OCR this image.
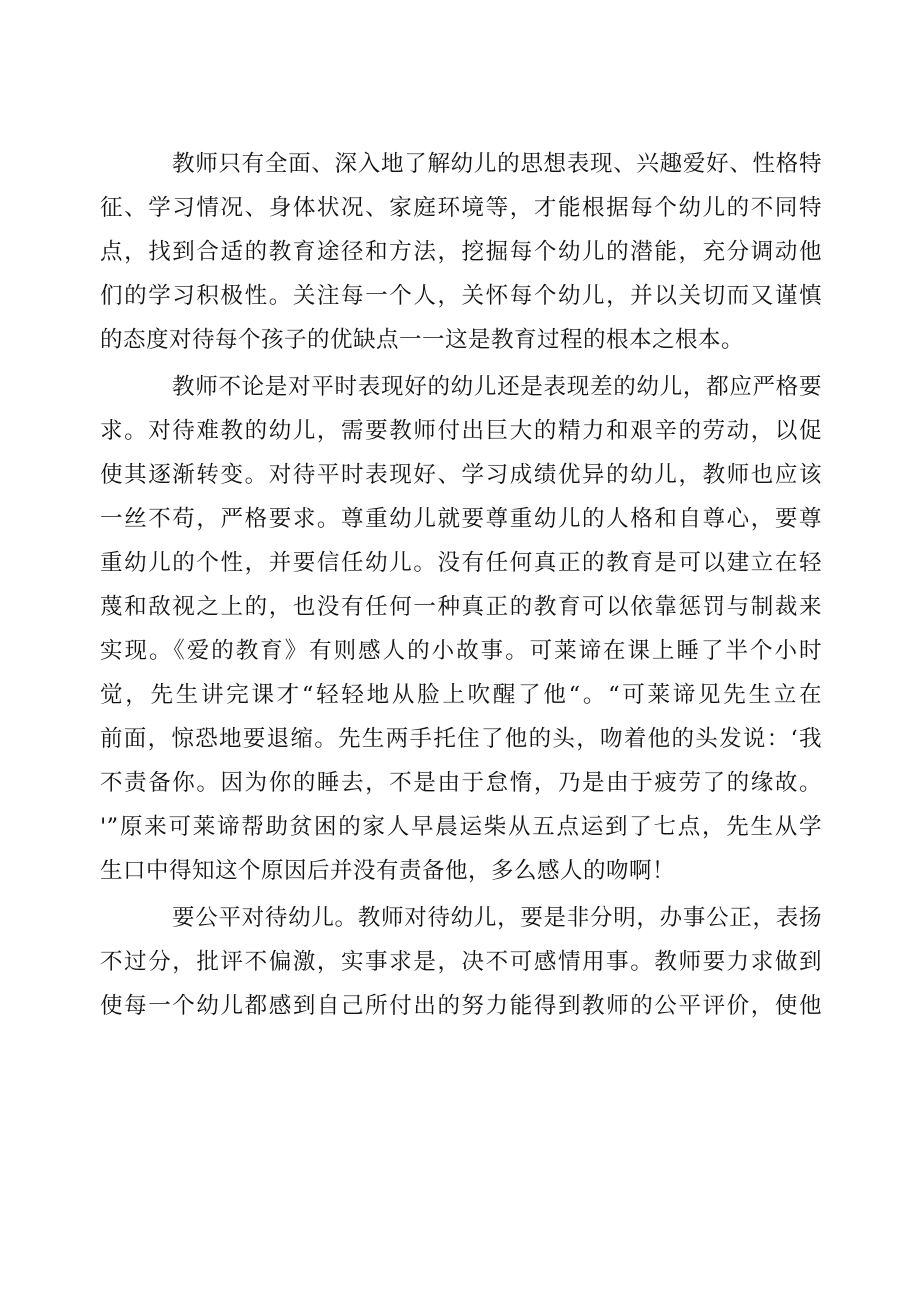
教师只有全面、深入地了解幼儿的思想表现、兴趣爱好、性格特
征、学习情况、身体状况、家庭环境等，才能根据每个幼儿的不同特
点，找到合适的教育途径和方法，挖掘每个幼儿的潜能，充分调动他
们的学习积极性。关注每一个人，关怀每个幼儿，并以关切而又谨慎
的态度对待每个孩子的优缺点一一这是教育过程的根本之根本。
教师不论是对平时表现好的幼儿还是表现差的幼儿，都应严格要
求。对待难教的幼儿，需要教师付出巨大的精力和艰辛的劳动，以促
使其逐渐转变。对待平时表现好、学习成绩优异的幼儿，教师也应该
一丝不苟，严格要求。尊重幼儿就要尊重幼儿的人格和自尊心，要尊
重幼儿的个性，并要信任幼儿。没有任何真正的教育是可以建立在轻
蔑和敌视之上的，也没有任何一种真正的教育可以依靠惩罚与制裁来
实现。《爱的教育》有则感人的小故事。可莱谛在课上睡了半个小时
觉，先生讲完课才“轻轻地从脸上吹醒了他“。“可莱谛见先生立在
前面，惊恐地要退缩。先生两手托住了他的头，吻着他的头发说：‘我
不责备你。因为你的睡去，不是由于怠惰，乃是由于疲劳了的缘故。
'”原来可莱谛帮助贫困的家人早晨运柴从五点运到了七点，先生从学
生口中得知这个原因后并没有责备他，多么感人的吻啊！
要公平对待幼儿。教师对待幼儿，要是非分明，办事公正，表扬
不过分，批评不偏激，实事求是，决不可感情用事。教师要力求做到
使每一个幼儿都感到自己所付出的努力能得到教师的公平评价，使他
